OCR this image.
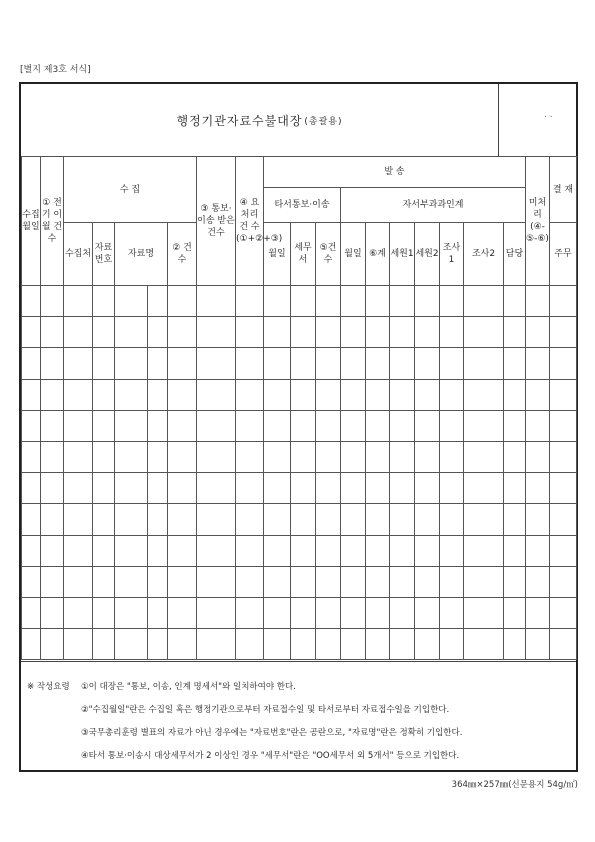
[별지 제3호 서식]
행정기관자료수불대장 (총괄용)
. .
수집월일	① 전기 이월 건수	수 집					③ 통보·이송 받은건수	④ 요처리 건 수 (①+②+③)	발 송										미처리 (④-⑤-⑥)	결 재	
									타서통보·이송			자서부과과인계									
		수집처	자료 번호	자료명		② 건수			월일	세무서	⑤건수	월일	⑥계	세원1	세원2	조사1	조사2	담당		주무	

※ 작성요령 ①이 대장은 "통보, 이송, 인계 명세서"와 일치하여야 한다.
②"수집월일"란은 수집일 혹은 행정기관으로부터 자료접수일 및 타서로부터 자료접수일을 기입한다.
③국무총리훈령 별표의 자료가 아닌 경우에는 "자료번호"란은 공란으로, "자료명"란은 정확히 기입한다.
④타서 통보·이송시 대상세무서가 2 이상인 경우 "세무서"란은 "OO세무서 외 5개서" 등으로 기입한다.
364㎜×257㎜(신문용지 54g/㎡)
